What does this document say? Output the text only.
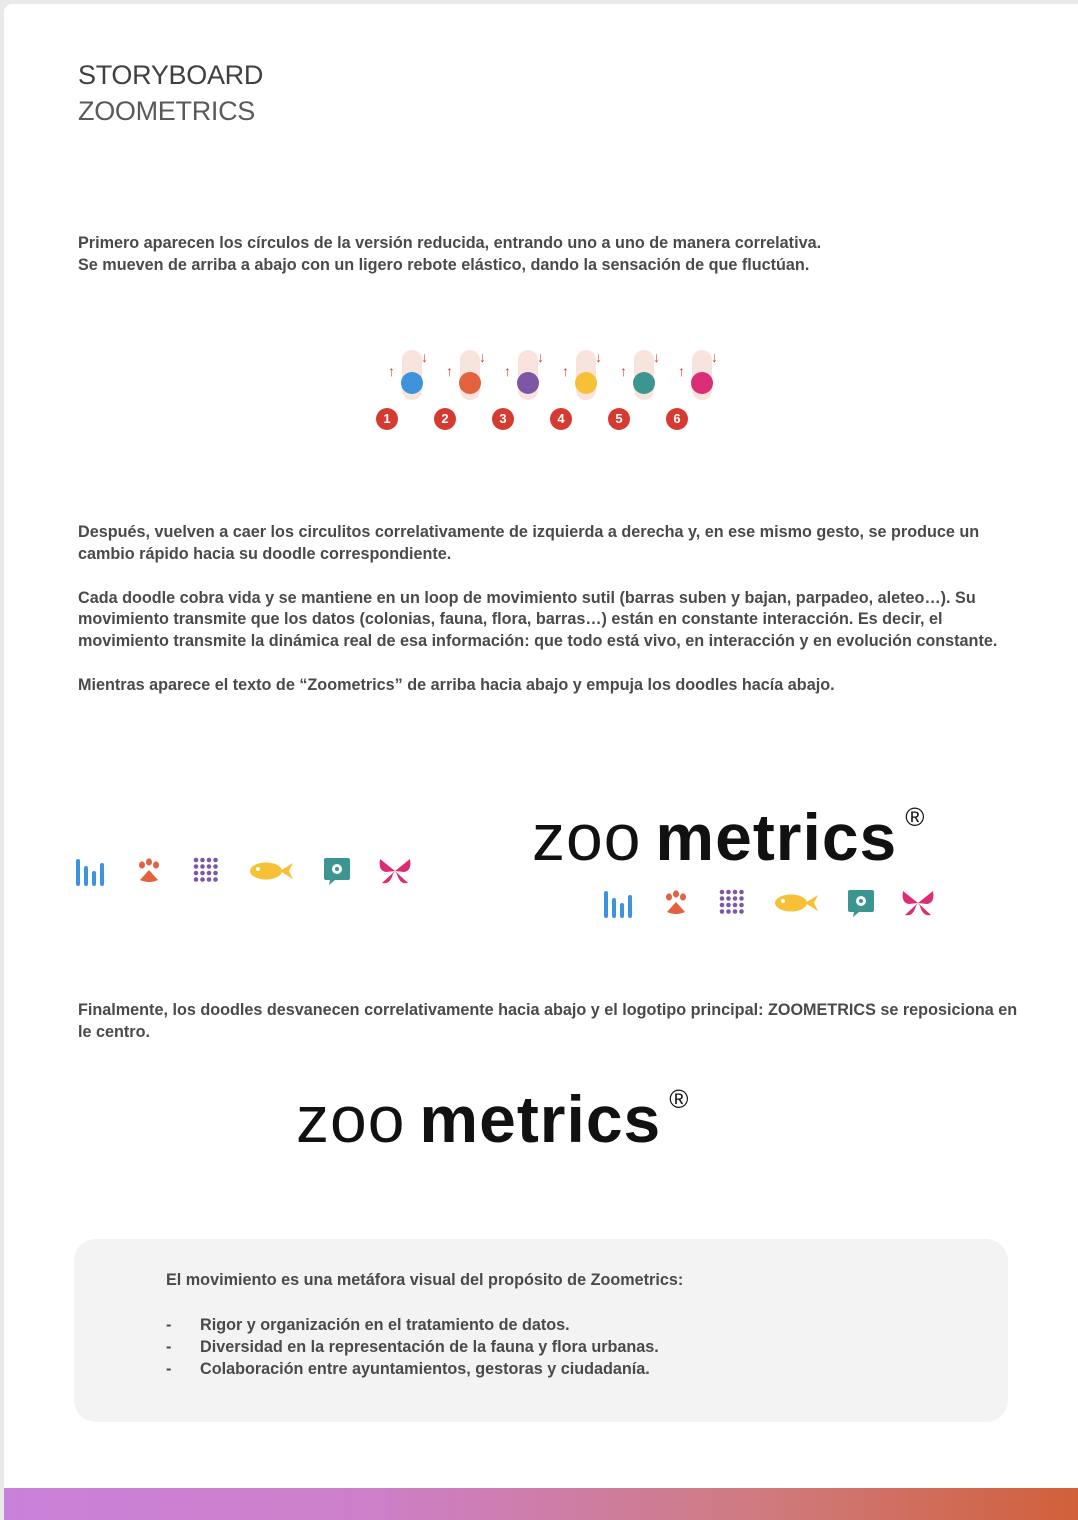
STORYBOARD
ZOOMETRICS

Primero aparecen los círculos de la versión reducida, entrando uno a uno de manera correlativa.

Se mueven de arriba a abajo con un ligero rebote elástico, dando la sensación de que fluctúan.

↑
↓
1
↑
↓
2
↑
↓
3
↑
↓
4
↑
↓
5
↑
↓
6

Después, vuelven a caer los circulitos correlativamente de izquierda a derecha y, en ese mismo gesto, se produce un cambio rápido hacia su doodle correspondiente.

Cada doodle cobra vida y se mantiene en un loop de movimiento sutil (barras suben y bajan, parpadeo, aleteo…). Su movimiento transmite que los datos (colonias, fauna, flora, barras…) están en constante interacción. Es decir, el movimiento transmite la dinámica real de esa información: que todo está vivo, en interacción y en evolución constante.

Mientras aparece el texto de “Zoometrics” de arriba hacia abajo y empuja los doodles hacía abajo.

zoo metrics ®
Finalmente, los doodles desvanecen correlativamente hacia abajo y el logotipo principal: ZOOMETRICS se reposiciona en le centro.
zoo metrics ®
El movimiento es una metáfora visual del propósito de Zoometrics:
- Rigor y organización en el tratamiento de datos.
- Diversidad en la representación de la fauna y flora urbanas.
- Colaboración entre ayuntamientos, gestoras y ciudadanía.
